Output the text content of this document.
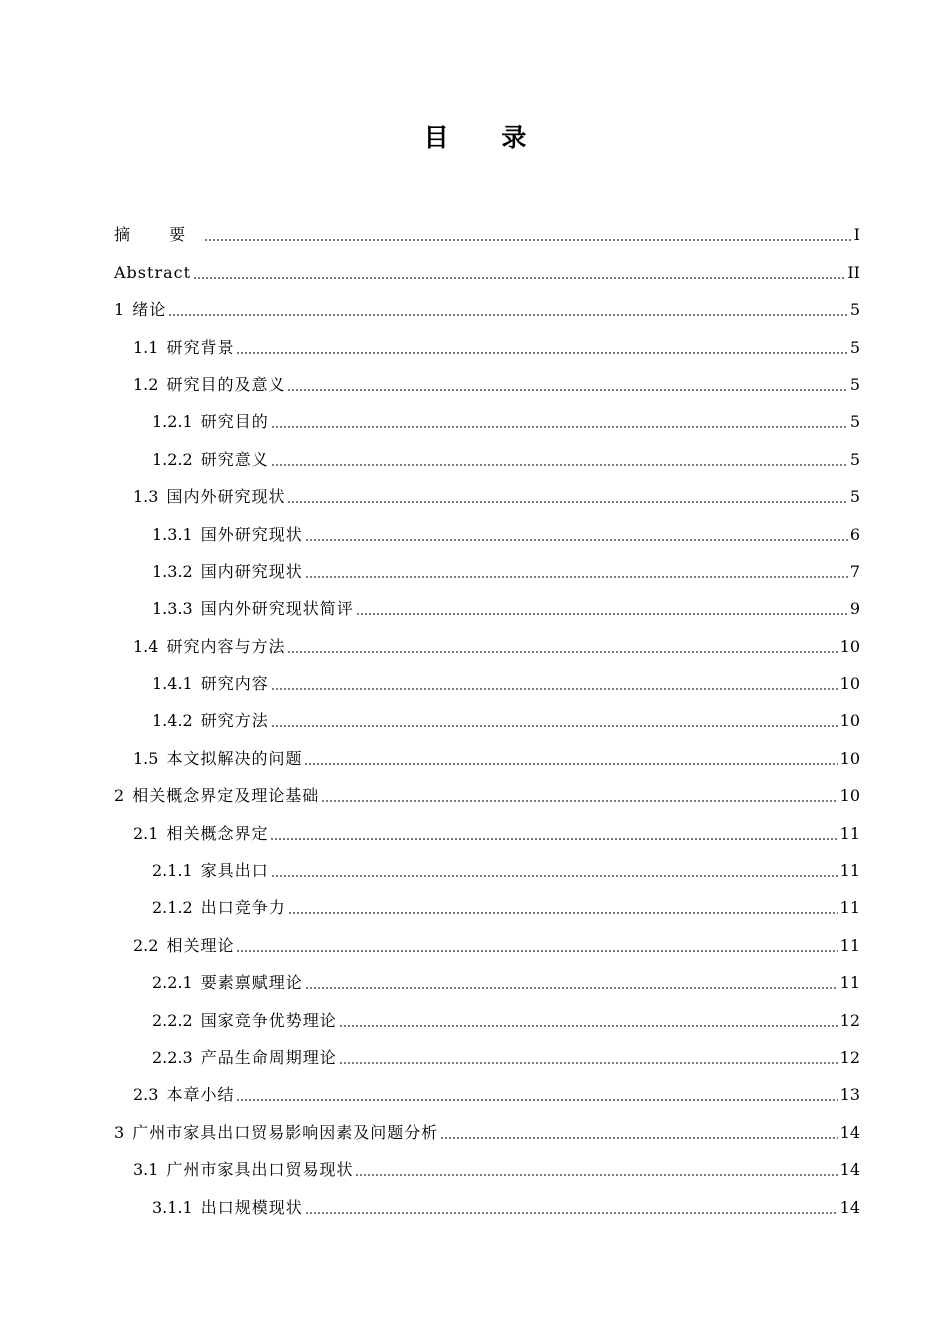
目 录
摘 要	I
Abstract	II
1 绪论	5
1.1 研究背景	5
1.2 研究目的及意义	5
1.2.1 研究目的	5
1.2.2 研究意义	5
1.3 国内外研究现状	5
1.3.1 国外研究现状	6
1.3.2 国内研究现状	7
1.3.3 国内外研究现状简评	9
1.4 研究内容与方法	10
1.4.1 研究内容	10
1.4.2 研究方法	10
1.5 本文拟解决的问题	10
2 相关概念界定及理论基础	10
2.1 相关概念界定	11
2.1.1 家具出口	11
2.1.2 出口竞争力	11
2.2 相关理论	11
2.2.1 要素禀赋理论	11
2.2.2 国家竞争优势理论	12
2.2.3 产品生命周期理论	12
2.3 本章小结	13
3 广州市家具出口贸易影响因素及问题分析	14
3.1 广州市家具出口贸易现状	14
3.1.1 出口规模现状	14
